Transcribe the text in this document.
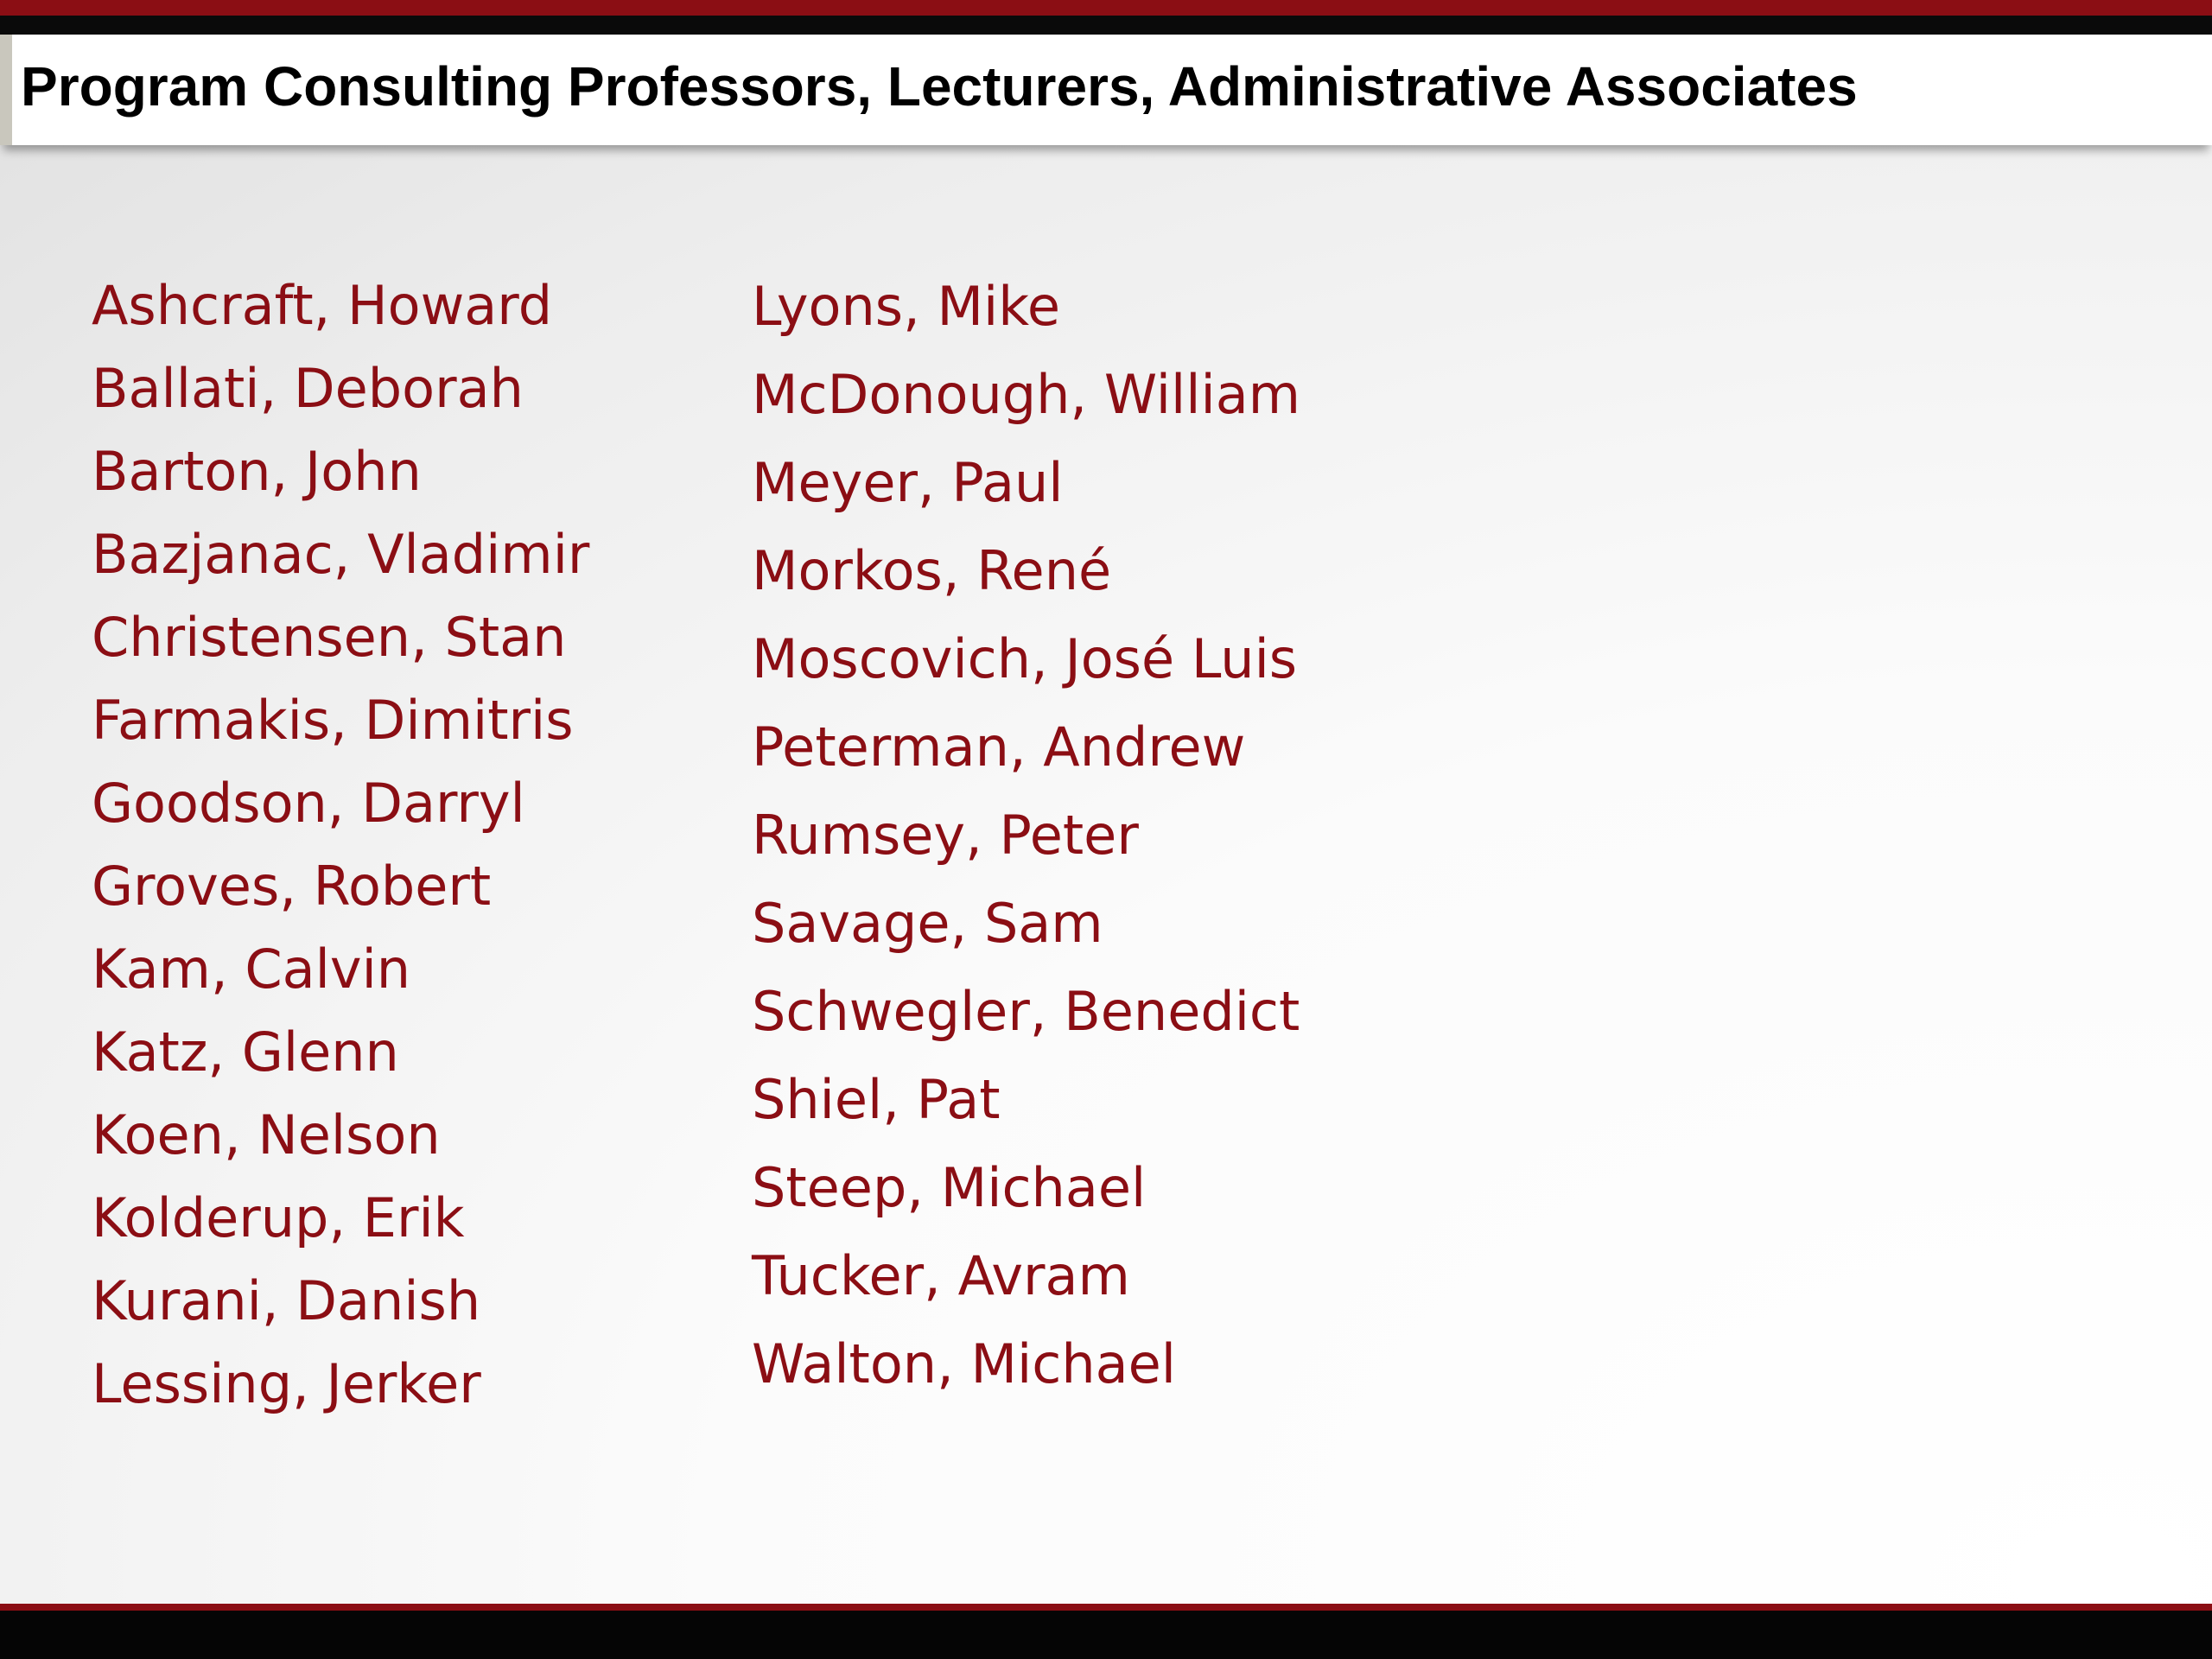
Program Consulting Professors, Lecturers, Administrative Associates
Ashcraft, Howard
Ballati, Deborah
Barton, John
Bazjanac, Vladimir
Christensen, Stan
Farmakis, Dimitris
Goodson, Darryl
Groves, Robert
Kam, Calvin
Katz, Glenn
Koen, Nelson
Kolderup, Erik
Kurani, Danish
Lessing, Jerker
Lyons, Mike
McDonough, William
Meyer, Paul
Morkos, René
Moscovich, José Luis
Peterman, Andrew
Rumsey, Peter
Savage, Sam
Schwegler, Benedict
Shiel, Pat
Steep, Michael
Tucker, Avram
Walton, Michael
